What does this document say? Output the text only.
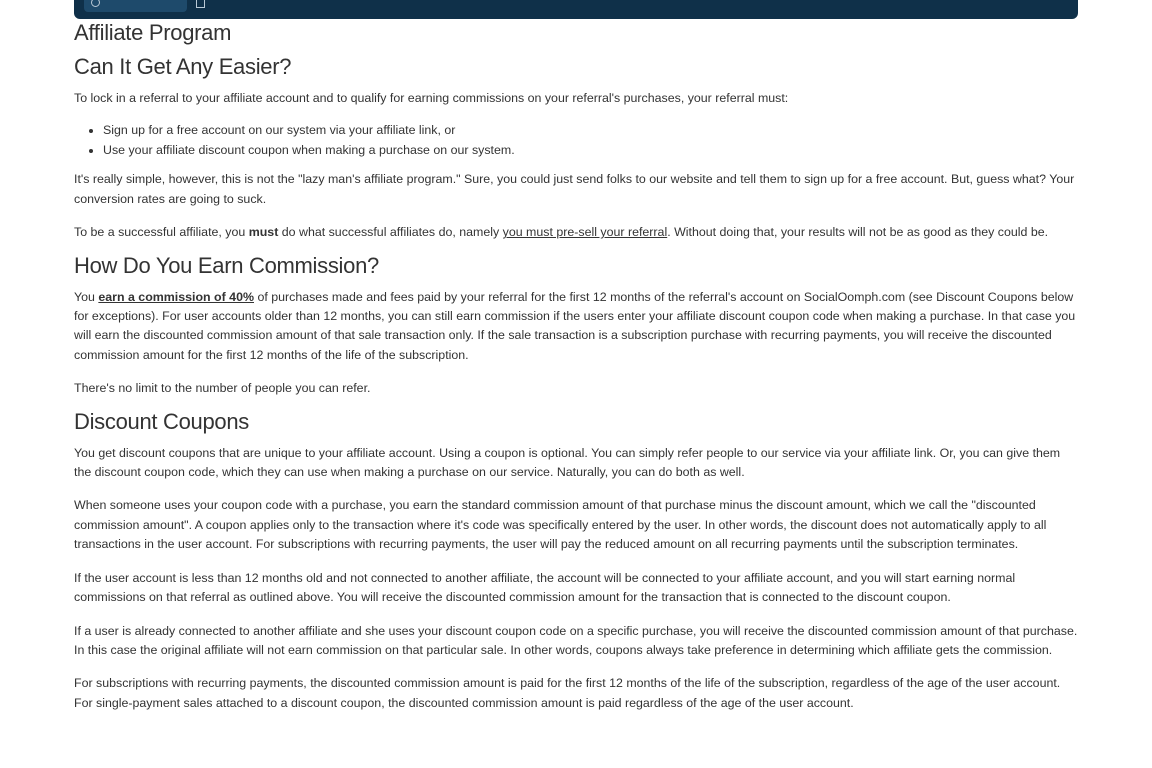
Affiliate Program
Can It Get Any Easier?

To lock in a referral to your affiliate account and to qualify for earning commissions on your referral's purchases, your referral must:

• Sign up for a free account on our system via your affiliate link, or
• Use your affiliate discount coupon when making a purchase on our system.

It's really simple, however, this is not the "lazy man's affiliate program." Sure, you could just send folks to our website and tell them to sign up for a free account. But, guess what? Your conversion rates are going to suck.

To be a successful affiliate, you must do what successful affiliates do, namely you must pre-sell your referral. Without doing that, your results will not be as good as they could be.

How Do You Earn Commission?

You earn a commission of 40% of purchases made and fees paid by your referral for the first 12 months of the referral's account on SocialOomph.com (see Discount Coupons below for exceptions). For user accounts older than 12 months, you can still earn commission if the users enter your affiliate discount coupon code when making a purchase. In that case you will earn the discounted commission amount of that sale transaction only. If the sale transaction is a subscription purchase with recurring payments, you will receive the discounted commission amount for the first 12 months of the life of the subscription.

There's no limit to the number of people you can refer.

Discount Coupons

You get discount coupons that are unique to your affiliate account. Using a coupon is optional. You can simply refer people to our service via your affiliate link. Or, you can give them the discount coupon code, which they can use when making a purchase on our service. Naturally, you can do both as well.

When someone uses your coupon code with a purchase, you earn the standard commission amount of that purchase minus the discount amount, which we call the "discounted commission amount". A coupon applies only to the transaction where it's code was specifically entered by the user. In other words, the discount does not automatically apply to all transactions in the user account. For subscriptions with recurring payments, the user will pay the reduced amount on all recurring payments until the subscription terminates.

If the user account is less than 12 months old and not connected to another affiliate, the account will be connected to your affiliate account, and you will start earning normal commissions on that referral as outlined above. You will receive the discounted commission amount for the transaction that is connected to the discount coupon.

If a user is already connected to another affiliate and she uses your discount coupon code on a specific purchase, you will receive the discounted commission amount of that purchase. In this case the original affiliate will not earn commission on that particular sale. In other words, coupons always take preference in determining which affiliate gets the commission.

For subscriptions with recurring payments, the discounted commission amount is paid for the first 12 months of the life of the subscription, regardless of the age of the user account. For single-payment sales attached to a discount coupon, the discounted commission amount is paid regardless of the age of the user account.
